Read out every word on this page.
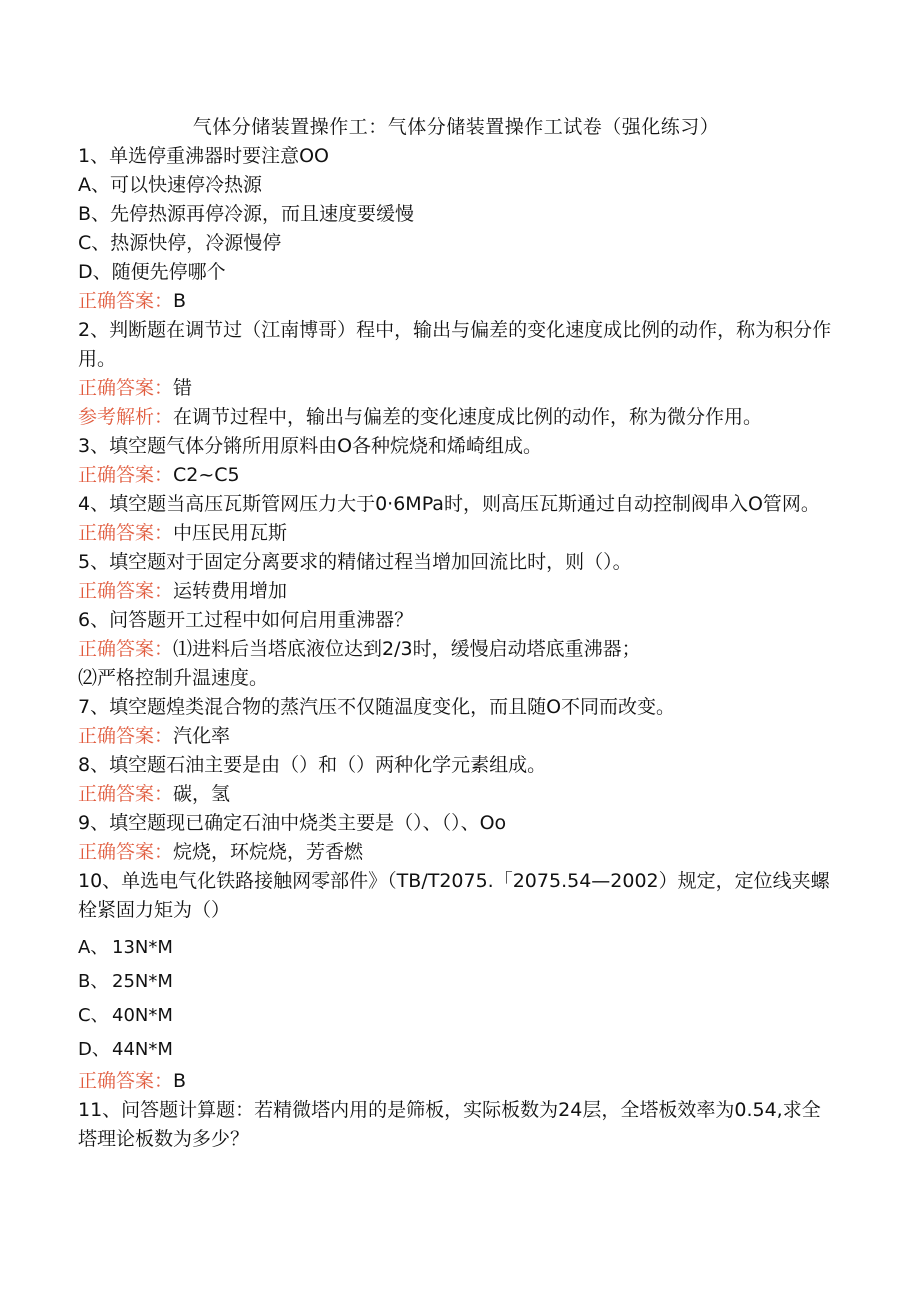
气体分储装置操作工：气体分储装置操作工试卷（强化练习）

1、单选停重沸器时要注意OO

A、可以快速停冷热源

B、先停热源再停冷源，而且速度要缓慢

C、热源快停，冷源慢停

D、随便先停哪个

正确答案：B

2、判断题在调节过（江南博哥）程中，输出与偏差的变化速度成比例的动作，称为积分作用。

正确答案：错

参考解析：在调节过程中，输出与偏差的变化速度成比例的动作，称为微分作用。

3、填空题气体分锵所用原料由O各种烷烧和烯崎组成。

正确答案：C2~C5

4、填空题当高压瓦斯管网压力大于0·6MPa时，则高压瓦斯通过自动控制阀串入O管网。

正确答案：中压民用瓦斯

5、填空题对于固定分离要求的精储过程当增加回流比时，则（）。

正确答案：运转费用增加

6、问答题开工过程中如何启用重沸器？

正确答案：⑴进料后当塔底液位达到2/3时，缓慢启动塔底重沸器；

⑵严格控制升温速度。

7、填空题煌类混合物的蒸汽压不仅随温度变化，而且随O不同而改变。

正确答案：汽化率

8、填空题石油主要是由（）和（）两种化学元素组成。

正确答案：碳，氢

9、填空题现已确定石油中烧类主要是（）、（）、Oo

正确答案：烷烧，环烷烧，芳香燃

10、单选电气化铁路接触网零部件》（TB/T2075.「2075.54—2002）规定，定位线夹螺栓紧固力矩为（）

A、 13N*M

B、 25N*M

C、 40N*M

D、 44N*M

正确答案：B

11、问答题计算题：若精微塔内用的是筛板，实际板数为24层，全塔板效率为0.54,求全塔理论板数为多少？
